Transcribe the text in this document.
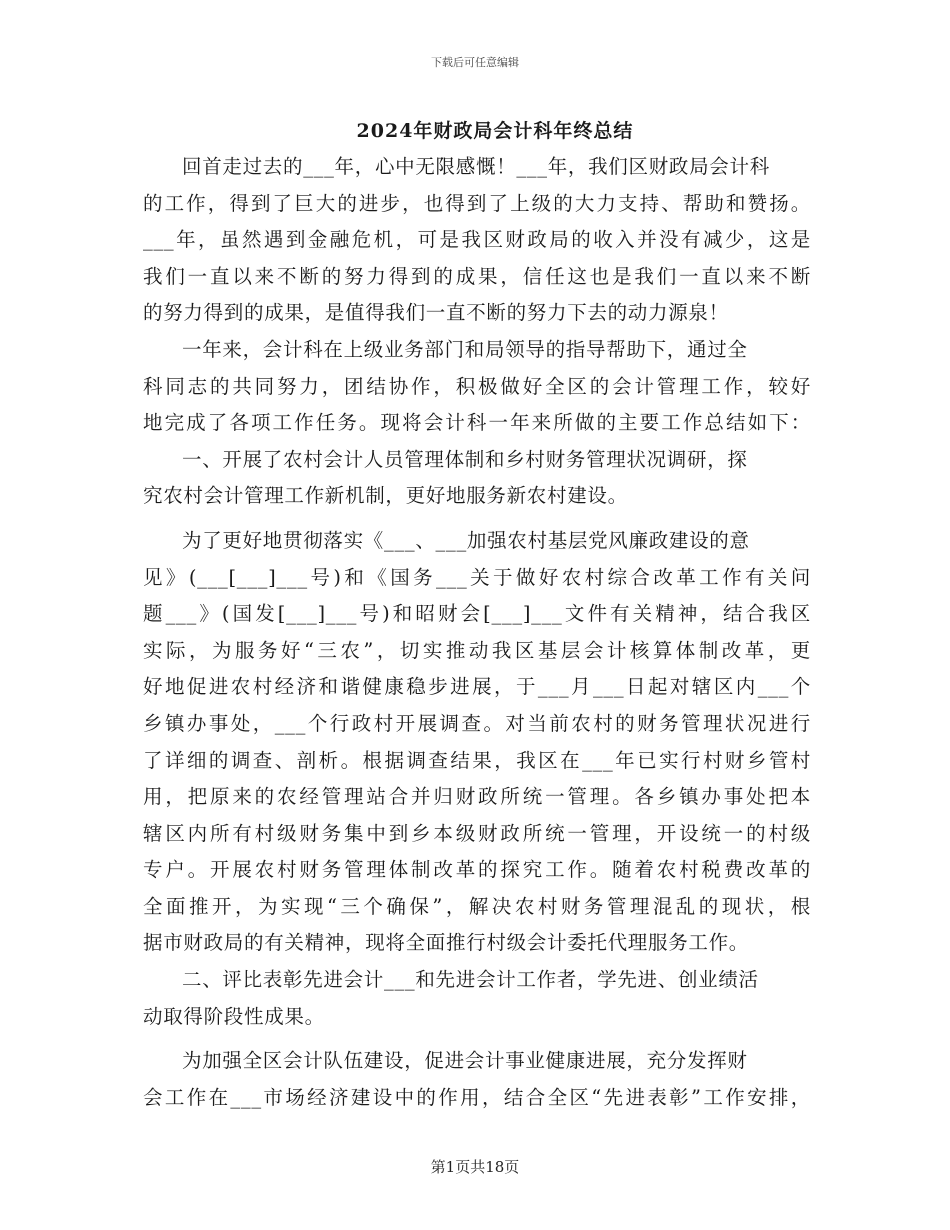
下载后可任意编辑
2024年财政局会计科年终总结
回首走过去的___年，心中无限感慨！___年，我们区财政局会计科
的工作，得到了巨大的进步，也得到了上级的大力支持、帮助和赞扬。
___年，虽然遇到金融危机，可是我区财政局的收入并没有减少，这是
我们一直以来不断的努力得到的成果，信任这也是我们一直以来不断
的努力得到的成果，是值得我们一直不断的努力下去的动力源泉！
一年来，会计科在上级业务部门和局领导的指导帮助下，通过全
科同志的共同努力，团结协作，积极做好全区的会计管理工作，较好
地完成了各项工作任务。现将会计科一年来所做的主要工作总结如下：
一、开展了农村会计人员管理体制和乡村财务管理状况调研，探
究农村会计管理工作新机制，更好地服务新农村建设。
为了更好地贯彻落实《___、___加强农村基层党风廉政建设的意
见》(___[___]___号)和《国务___关于做好农村综合改革工作有关问
题___》(国发[___]___号)和昭财会[___]___文件有关精神，结合我区
实际，为服务好“三农”，切实推动我区基层会计核算体制改革，更
好地促进农村经济和谐健康稳步进展，于___月___日起对辖区内___个
乡镇办事处，___个行政村开展调查。对当前农村的财务管理状况进行
了详细的调查、剖析。根据调查结果，我区在___年已实行村财乡管村
用，把原来的农经管理站合并归财政所统一管理。各乡镇办事处把本
辖区内所有村级财务集中到乡本级财政所统一管理，开设统一的村级
专户。开展农村财务管理体制改革的探究工作。随着农村税费改革的
全面推开，为实现“三个确保”，解决农村财务管理混乱的现状，根
据市财政局的有关精神，现将全面推行村级会计委托代理服务工作。
二、评比表彰先进会计___和先进会计工作者，学先进、创业绩活
动取得阶段性成果。
为加强全区会计队伍建设，促进会计事业健康进展，充分发挥财
会工作在___市场经济建设中的作用，结合全区“先进表彰”工作安排，
第1页共18页
